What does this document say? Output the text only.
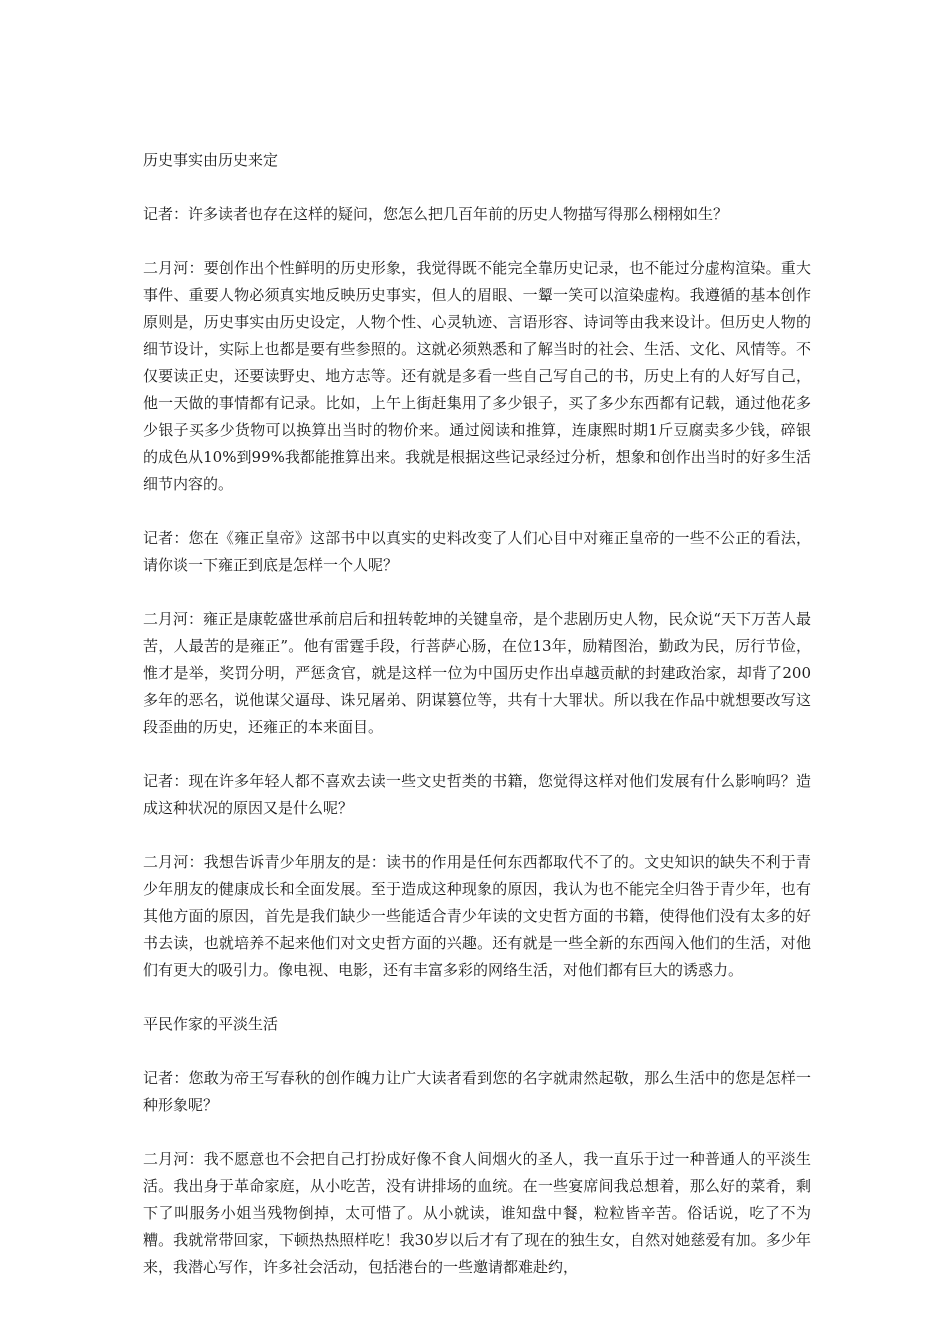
历史事实由历史来定

记者：许多读者也存在这样的疑问，您怎么把几百年前的历史人物描写得那么栩栩如生？

二月河：要创作出个性鲜明的历史形象，我觉得既不能完全靠历史记录，也不能过分虚构渲染。重大事件、重要人物必须真实地反映历史事实，但人的眉眼、一颦一笑可以渲染虚构。我遵循的基本创作原则是，历史事实由历史设定，人物个性、心灵轨迹、言语形容、诗词等由我来设计。但历史人物的细节设计，实际上也都是要有些参照的。这就必须熟悉和了解当时的社会、生活、文化、风情等。不仅要读正史，还要读野史、地方志等。还有就是多看一些自己写自己的书，历史上有的人好写自己，他一天做的事情都有记录。比如，上午上街赶集用了多少银子，买了多少东西都有记载，通过他花多少银子买多少货物可以换算出当时的物价来。通过阅读和推算，连康熙时期1斤豆腐卖多少钱，碎银的成色从10%到99%我都能推算出来。我就是根据这些记录经过分析，想象和创作出当时的好多生活细节内容的。

记者：您在《雍正皇帝》这部书中以真实的史料改变了人们心目中对雍正皇帝的一些不公正的看法，请你谈一下雍正到底是怎样一个人呢？

二月河：雍正是康乾盛世承前启后和扭转乾坤的关键皇帝，是个悲剧历史人物，民众说“天下万苦人最苦，人最苦的是雍正”。他有雷霆手段，行菩萨心肠，在位13年，励精图治，勤政为民，厉行节俭，惟才是举，奖罚分明，严惩贪官，就是这样一位为中国历史作出卓越贡献的封建政治家，却背了200多年的恶名，说他谋父逼母、诛兄屠弟、阴谋篡位等，共有十大罪状。所以我在作品中就想要改写这段歪曲的历史，还雍正的本来面目。

记者：现在许多年轻人都不喜欢去读一些文史哲类的书籍，您觉得这样对他们发展有什么影响吗？造成这种状况的原因又是什么呢？

二月河：我想告诉青少年朋友的是：读书的作用是任何东西都取代不了的。文史知识的缺失不利于青少年朋友的健康成长和全面发展。至于造成这种现象的原因，我认为也不能完全归咎于青少年，也有其他方面的原因，首先是我们缺少一些能适合青少年读的文史哲方面的书籍，使得他们没有太多的好书去读，也就培养不起来他们对文史哲方面的兴趣。还有就是一些全新的东西闯入他们的生活，对他们有更大的吸引力。像电视、电影，还有丰富多彩的网络生活，对他们都有巨大的诱惑力。

平民作家的平淡生活

记者：您敢为帝王写春秋的创作魄力让广大读者看到您的名字就肃然起敬，那么生活中的您是怎样一种形象呢？

二月河：我不愿意也不会把自己打扮成好像不食人间烟火的圣人，我一直乐于过一种普通人的平淡生活。我出身于革命家庭，从小吃苦，没有讲排场的血统。在一些宴席间我总想着，那么好的菜肴，剩下了叫服务小姐当残物倒掉，太可惜了。从小就读，谁知盘中餐，粒粒皆辛苦。俗话说，吃了不为糟。我就常带回家，下顿热热照样吃！我30岁以后才有了现在的独生女，自然对她慈爱有加。多少年来，我潜心写作，许多社会活动，包括港台的一些邀请都难赴约，
